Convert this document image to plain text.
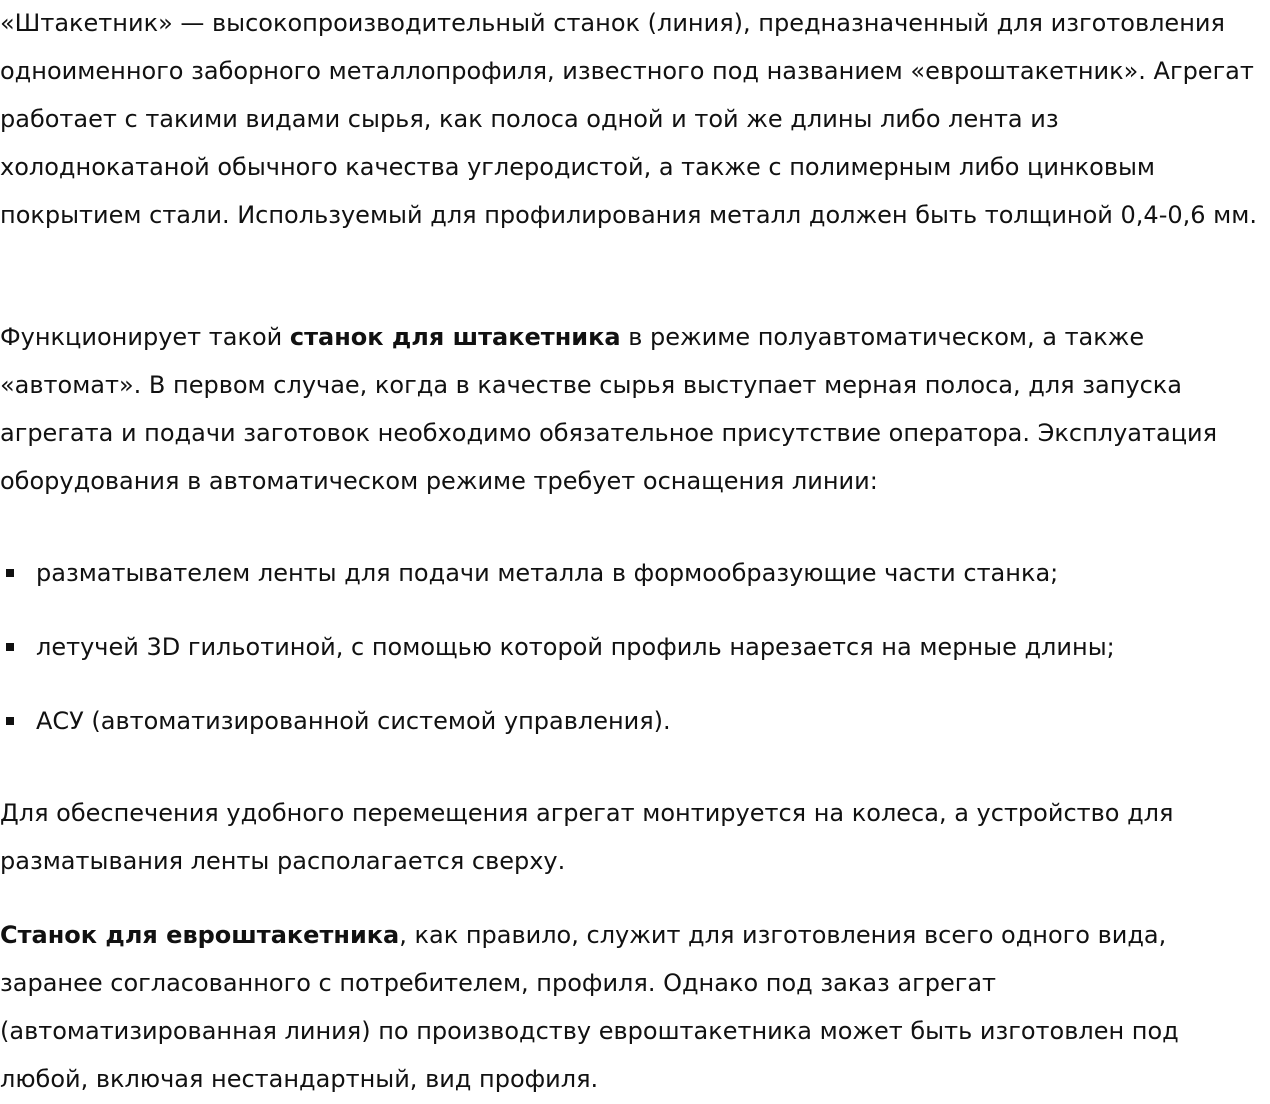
«Штакетник» — высокопроизводительный станок (линия), предназначенный для изготовления одноименного заборного металлопрофиля, известного под названием «евроштакетник». Агрегат работает с такими видами сырья, как полоса одной и той же длины либо лента из холоднокатаной обычного качества углеродистой, а также с полимерным либо цинковым покрытием стали. Используемый для профилирования металл должен быть толщиной 0,4-0,6 мм.

Функционирует такой станок для штакетника в режиме полуавтоматическом, а также «автомат». В первом случае, когда в качестве сырья выступает мерная полоса, для запуска агрегата и подачи заготовок необходимо обязательное присутствие оператора. Эксплуатация оборудования в автоматическом режиме требует оснащения линии:

разматывателем ленты для подачи металла в формообразующие части станка;
летучей 3D гильотиной, с помощью которой профиль нарезается на мерные длины;
АСУ (автоматизированной системой управления).

Для обеспечения удобного перемещения агрегат монтируется на колеса, а устройство для разматывания ленты располагается сверху.

Станок для евроштакетника, как правило, служит для изготовления всего одного вида, заранее согласованного с потребителем, профиля. Однако под заказ агрегат (автоматизированная линия) по производству евроштакетника может быть изготовлен под любой, включая нестандартный, вид профиля.
